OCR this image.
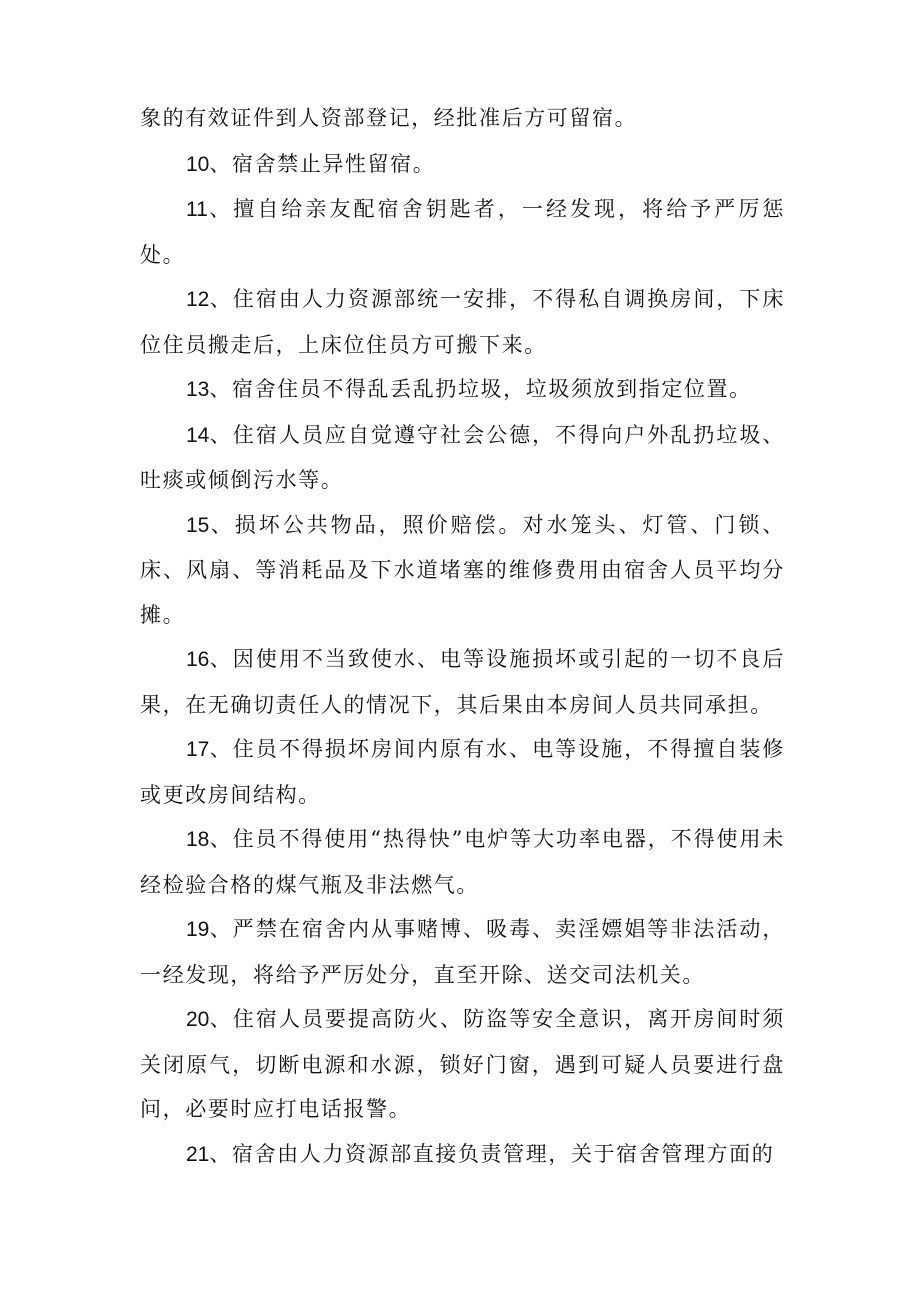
象的有效证件到人资部登记，经批准后方可留宿。

10、宿舍禁止异性留宿。

11、擅自给亲友配宿舍钥匙者，一经发现，将给予严厉惩处。

12、住宿由人力资源部统一安排，不得私自调换房间，下床位住员搬走后，上床位住员方可搬下来。

13、宿舍住员不得乱丢乱扔垃圾，垃圾须放到指定位置。

14、住宿人员应自觉遵守社会公德，不得向户外乱扔垃圾、吐痰或倾倒污水等。

15、损坏公共物品，照价赔偿。对水笼头、灯管、门锁、床、风扇、等消耗品及下水道堵塞的维修费用由宿舍人员平均分摊。

16、因使用不当致使水、电等设施损坏或引起的一切不良后果，在无确切责任人的情况下，其后果由本房间人员共同承担。

17、住员不得损坏房间内原有水、电等设施，不得擅自装修或更改房间结构。

18、住员不得使用“热得快”电炉等大功率电器，不得使用未经检验合格的煤气瓶及非法燃气。

19、严禁在宿舍内从事赌博、吸毒、卖淫嫖娼等非法活动，一经发现，将给予严厉处分，直至开除、送交司法机关。

20、住宿人员要提高防火、防盗等安全意识，离开房间时须关闭原气，切断电源和水源，锁好门窗，遇到可疑人员要进行盘问，必要时应打电话报警。

21、宿舍由人力资源部直接负责管理，关于宿舍管理方面的
